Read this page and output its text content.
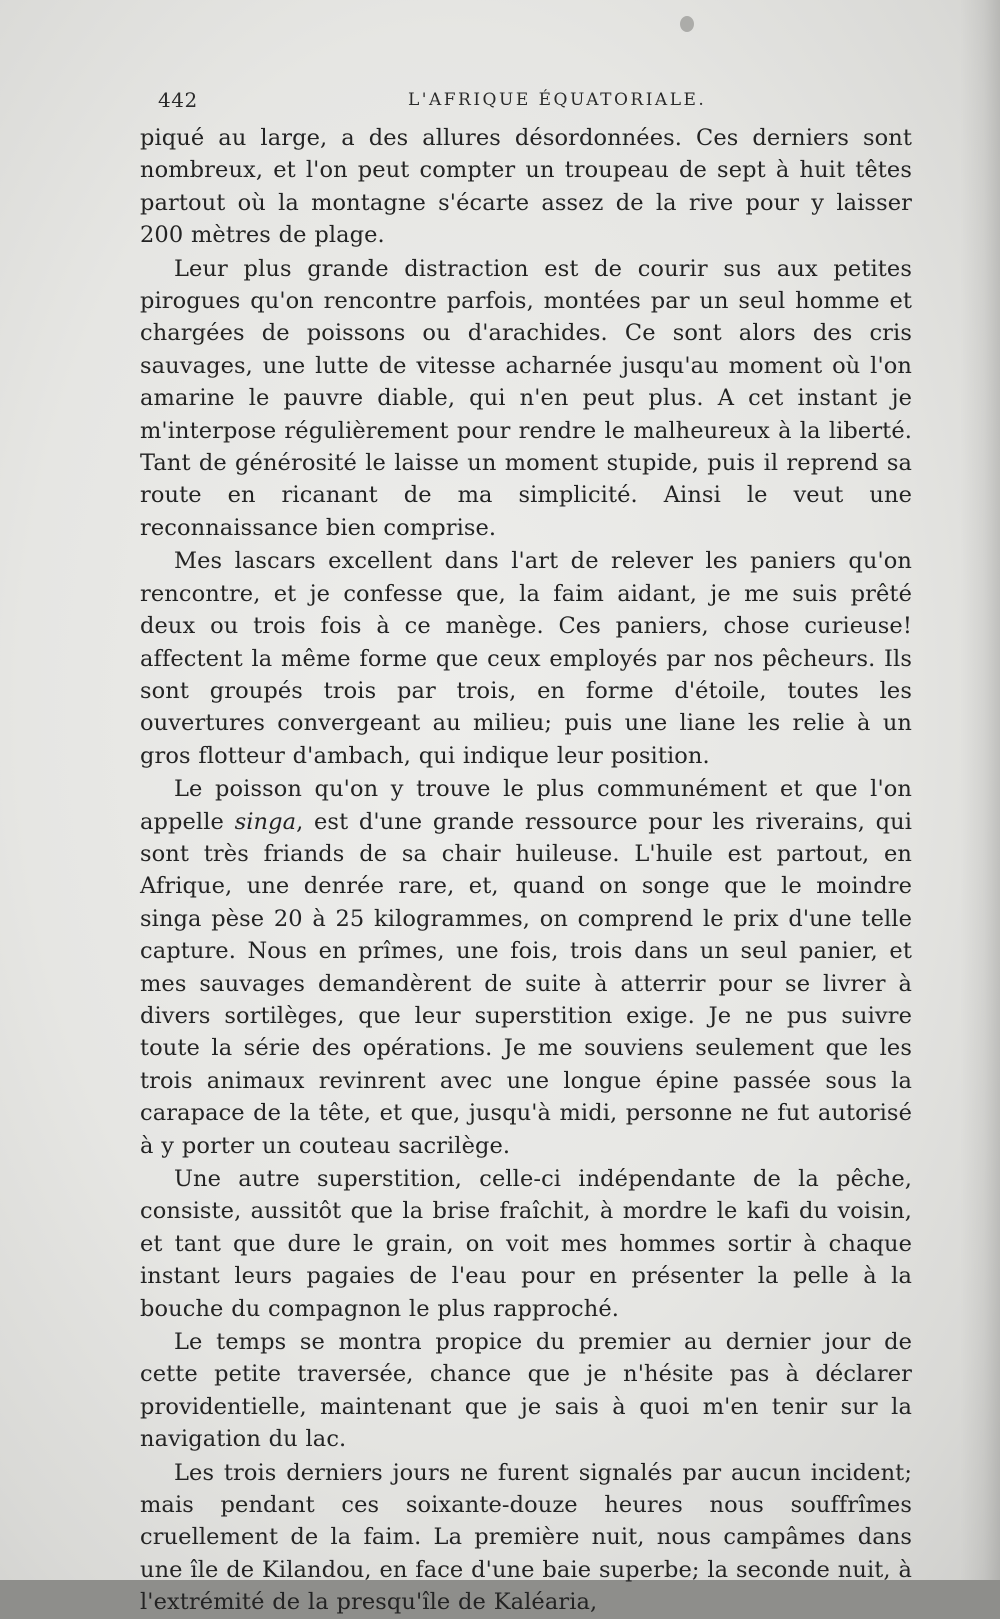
442	L'AFRIQUE ÉQUATORIALE.

piqué au large, a des allures désordonnées. Ces derniers sont nombreux, et l'on peut compter un troupeau de sept à huit têtes partout où la montagne s'écarte assez de la rive pour y laisser 200 mètres de plage.

Leur plus grande distraction est de courir sus aux petites pirogues qu'on rencontre parfois, montées par un seul homme et chargées de poissons ou d'arachides. Ce sont alors des cris sauvages, une lutte de vitesse acharnée jusqu'au moment où l'on amarine le pauvre diable, qui n'en peut plus. A cet instant je m'interpose régulièrement pour rendre le malheureux à la liberté. Tant de générosité le laisse un moment stupide, puis il reprend sa route en ricanant de ma simplicité. Ainsi le veut une reconnaissance bien comprise.

Mes lascars excellent dans l'art de relever les paniers qu'on rencontre, et je confesse que, la faim aidant, je me suis prêté deux ou trois fois à ce manège. Ces paniers, chose curieuse! affectent la même forme que ceux employés par nos pêcheurs. Ils sont groupés trois par trois, en forme d'étoile, toutes les ouvertures convergeant au milieu; puis une liane les relie à un gros flotteur d'ambach, qui indique leur position.

Le poisson qu'on y trouve le plus communément et que l'on appelle singa, est d'une grande ressource pour les riverains, qui sont très friands de sa chair huileuse. L'huile est partout, en Afrique, une denrée rare, et, quand on songe que le moindre singa pèse 20 à 25 kilogrammes, on comprend le prix d'une telle capture. Nous en prîmes, une fois, trois dans un seul panier, et mes sauvages demandèrent de suite à atterrir pour se livrer à divers sortilèges, que leur superstition exige. Je ne pus suivre toute la série des opérations. Je me souviens seulement que les trois animaux revinrent avec une longue épine passée sous la carapace de la tête, et que, jusqu'à midi, personne ne fut autorisé à y porter un couteau sacrilège.

Une autre superstition, celle-ci indépendante de la pêche, consiste, aussitôt que la brise fraîchit, à mordre le kafi du voisin, et tant que dure le grain, on voit mes hommes sortir à chaque instant leurs pagaies de l'eau pour en présenter la pelle à la bouche du compagnon le plus rapproché.

Le temps se montra propice du premier au dernier jour de cette petite traversée, chance que je n'hésite pas à déclarer providentielle, maintenant que je sais à quoi m'en tenir sur la navigation du lac.

Les trois derniers jours ne furent signalés par aucun incident; mais pendant ces soixante-douze heures nous souffrîmes cruellement de la faim. La première nuit, nous campâmes dans une île de Kilandou, en face d'une baie superbe; la seconde nuit, à l'extrémité de la presqu'île de Kaléaria,
